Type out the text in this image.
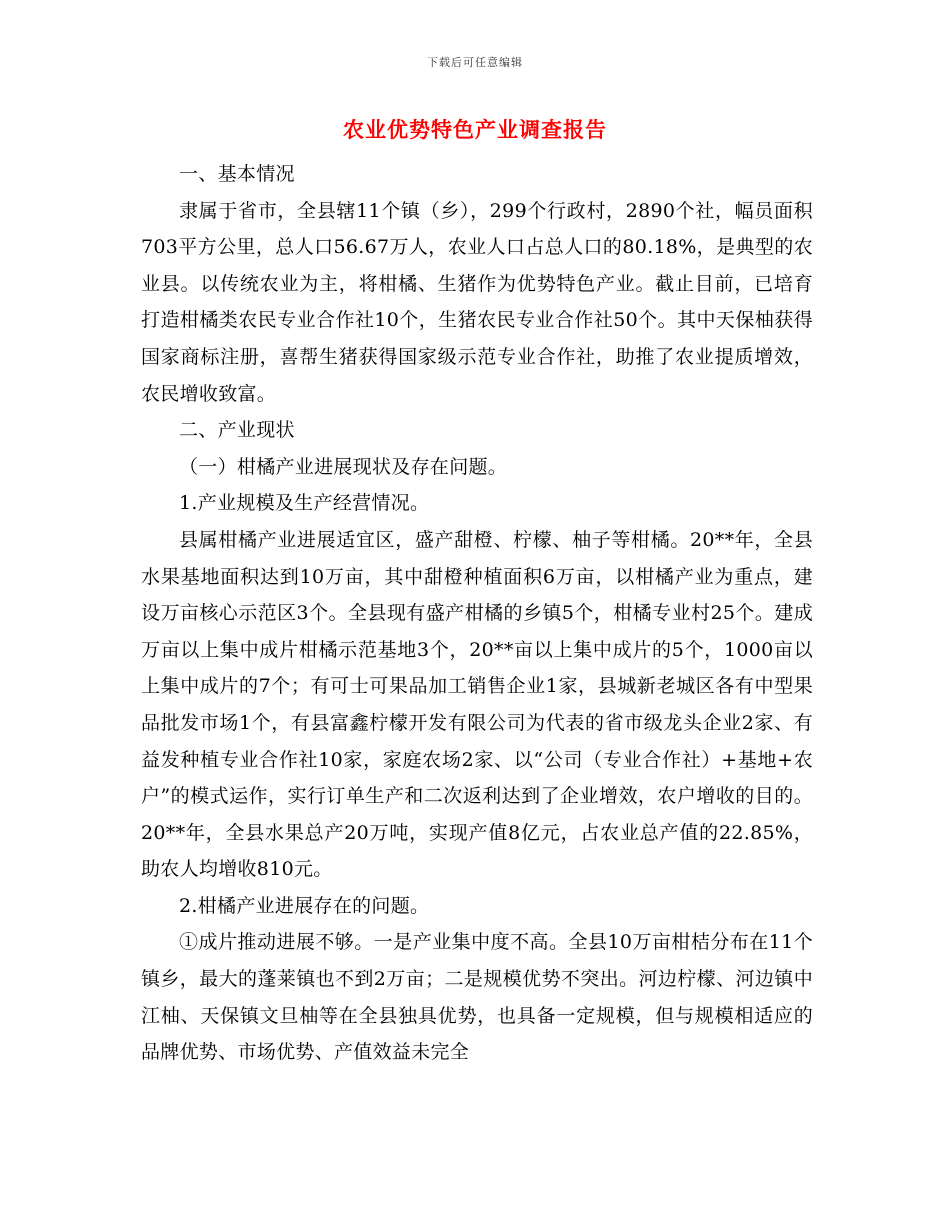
下载后可任意编辑
农业优势特色产业调查报告

一、基本情况

隶属于省市，全县辖11个镇（乡），299个行政村，2890个社，幅员面积703平方公里，总人口56.67万人，农业人口占总人口的80.18%，是典型的农业县。以传统农业为主，将柑橘、生猪作为优势特色产业。截止目前，已培育打造柑橘类农民专业合作社10个，生猪农民专业合作社50个。其中天保柚获得国家商标注册，喜帮生猪获得国家级示范专业合作社，助推了农业提质增效，农民增收致富。

二、产业现状

（一）柑橘产业进展现状及存在问题。

1.产业规模及生产经营情况。

县属柑橘产业进展适宜区，盛产甜橙、柠檬、柚子等柑橘。20**年，全县水果基地面积达到10万亩，其中甜橙种植面积6万亩，以柑橘产业为重点，建设万亩核心示范区3个。全县现有盛产柑橘的乡镇5个，柑橘专业村25个。建成万亩以上集中成片柑橘示范基地3个，20**亩以上集中成片的5个，1000亩以上集中成片的7个；有可士可果品加工销售企业1家，县城新老城区各有中型果品批发市场1个，有县富鑫柠檬开发有限公司为代表的省市级龙头企业2家、有益发种植专业合作社10家，家庭农场2家、以“公司（专业合作社）+基地+农户”的模式运作，实行订单生产和二次返利达到了企业增效，农户增收的目的。20**年，全县水果总产20万吨，实现产值8亿元，占农业总产值的22.85%，助农人均增收810元。

2.柑橘产业进展存在的问题。

①成片推动进展不够。一是产业集中度不高。全县10万亩柑桔分布在11个镇乡，最大的蓬莱镇也不到2万亩；二是规模优势不突出。河边柠檬、河边镇中江柚、天保镇文旦柚等在全县独具优势，也具备一定规模，但与规模相适应的品牌优势、市场优势、产值效益未完全
